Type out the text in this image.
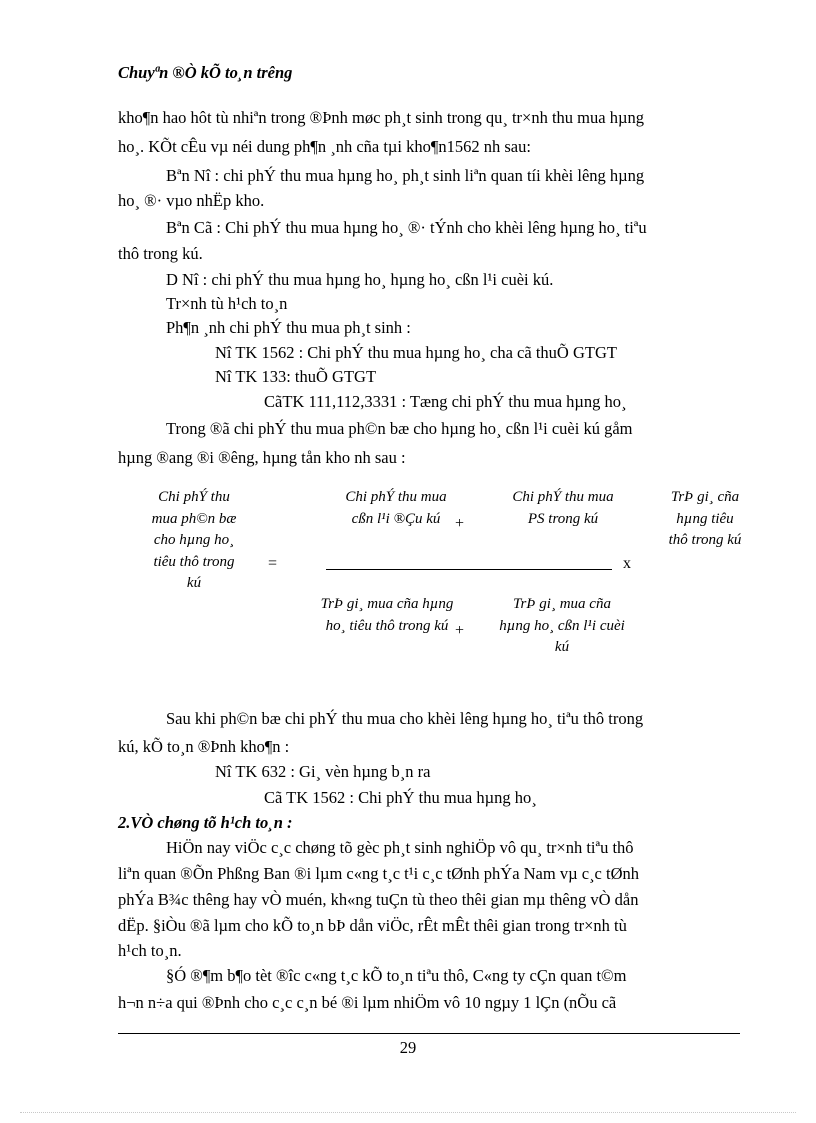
Chuyªn ®Ò kÕ to¸n trêng
kho¶n hao hôt tù nhiªn trong ®Þnh møc ph¸t sinh trong qu¸ tr×nh thu mua hµng
ho¸. KÕt cÊu vµ néi dung ph¶n ¸nh cña tµi kho¶n1562 nh sau:
Bªn Nî : chi phÝ thu mua hµng ho¸ ph¸t sinh liªn quan tíi khèi lêng hµng
ho¸ ®· vµo nhËp kho.
Bªn Cã : Chi phÝ thu mua hµng ho¸ ®· tÝnh cho khèi lêng hµng ho¸ tiªu
thô trong kú.
D Nî : chi phÝ thu mua hµng ho¸ hµng ho¸ cßn l¹i cuèi kú.
Tr×nh tù h¹ch to¸n
Ph¶n ¸nh chi phÝ thu mua ph¸t sinh :
Nî TK 1562 : Chi phÝ thu mua hµng ho¸ cha cã thuÕ GTGT
Nî TK 133: thuÕ GTGT
CãTK 111,112,3331 : Tæng chi phÝ thu mua hµng ho¸
Trong ®ã chi phÝ thu mua ph©n bæ cho hµng ho¸ cßn l¹i cuèi kú gåm
hµng ®ang ®i ®êng, hµng tån kho nh sau :
Chi phÝ thu mua ph©n bæ cho hµng ho¸ tiêu thô trong kú
=
Chi phÝ thu mua cßn l¹i ®Çu kú +
Chi phÝ thu mua PS trong kú
x
TrÞ gi¸ cña hµng tiêu thô trong kú
TrÞ gi¸ mua cña hµng ho¸ tiêu thô trong kú +
TrÞ gi¸ mua cña hµng ho¸ cßn l¹i cuèi kú
Sau khi ph©n bæ chi phÝ thu mua cho khèi lêng hµng ho¸ tiªu thô trong
kú, kÕ to¸n ®Þnh kho¶n :
Nî TK 632 : Gi¸ vèn hµng b¸n ra
Cã TK 1562 : Chi phÝ thu mua hµng ho¸
2.VÒ chøng tõ h¹ch to¸n :
HiÖn nay viÖc c¸c chøng tõ gèc ph¸t sinh nghiÖp vô qu¸ tr×nh tiªu thô
liªn quan ®Õn Phßng Ban ®i lµm c«ng t¸c t¹i c¸c tØnh phÝa Nam vµ c¸c tØnh
phÝa B¾c thêng hay vÒ muén, kh«ng tuÇn tù theo thêi gian mµ thêng vÒ dån
dËp. §iÒu ®ã lµm cho kÕ to¸n bÞ dån viÖc, rÊt mÊt thêi gian trong tr×nh tù
h¹ch to¸n.
§Ó ®¶m b¶o tèt ®îc c«ng t¸c kÕ to¸n tiªu thô, C«ng ty cÇn quan t©m
h¬n n÷a qui ®Þnh cho c¸c c¸n bé ®i lµm nhiÖm vô 10 ngµy 1 lÇn (nÕu cã
29
